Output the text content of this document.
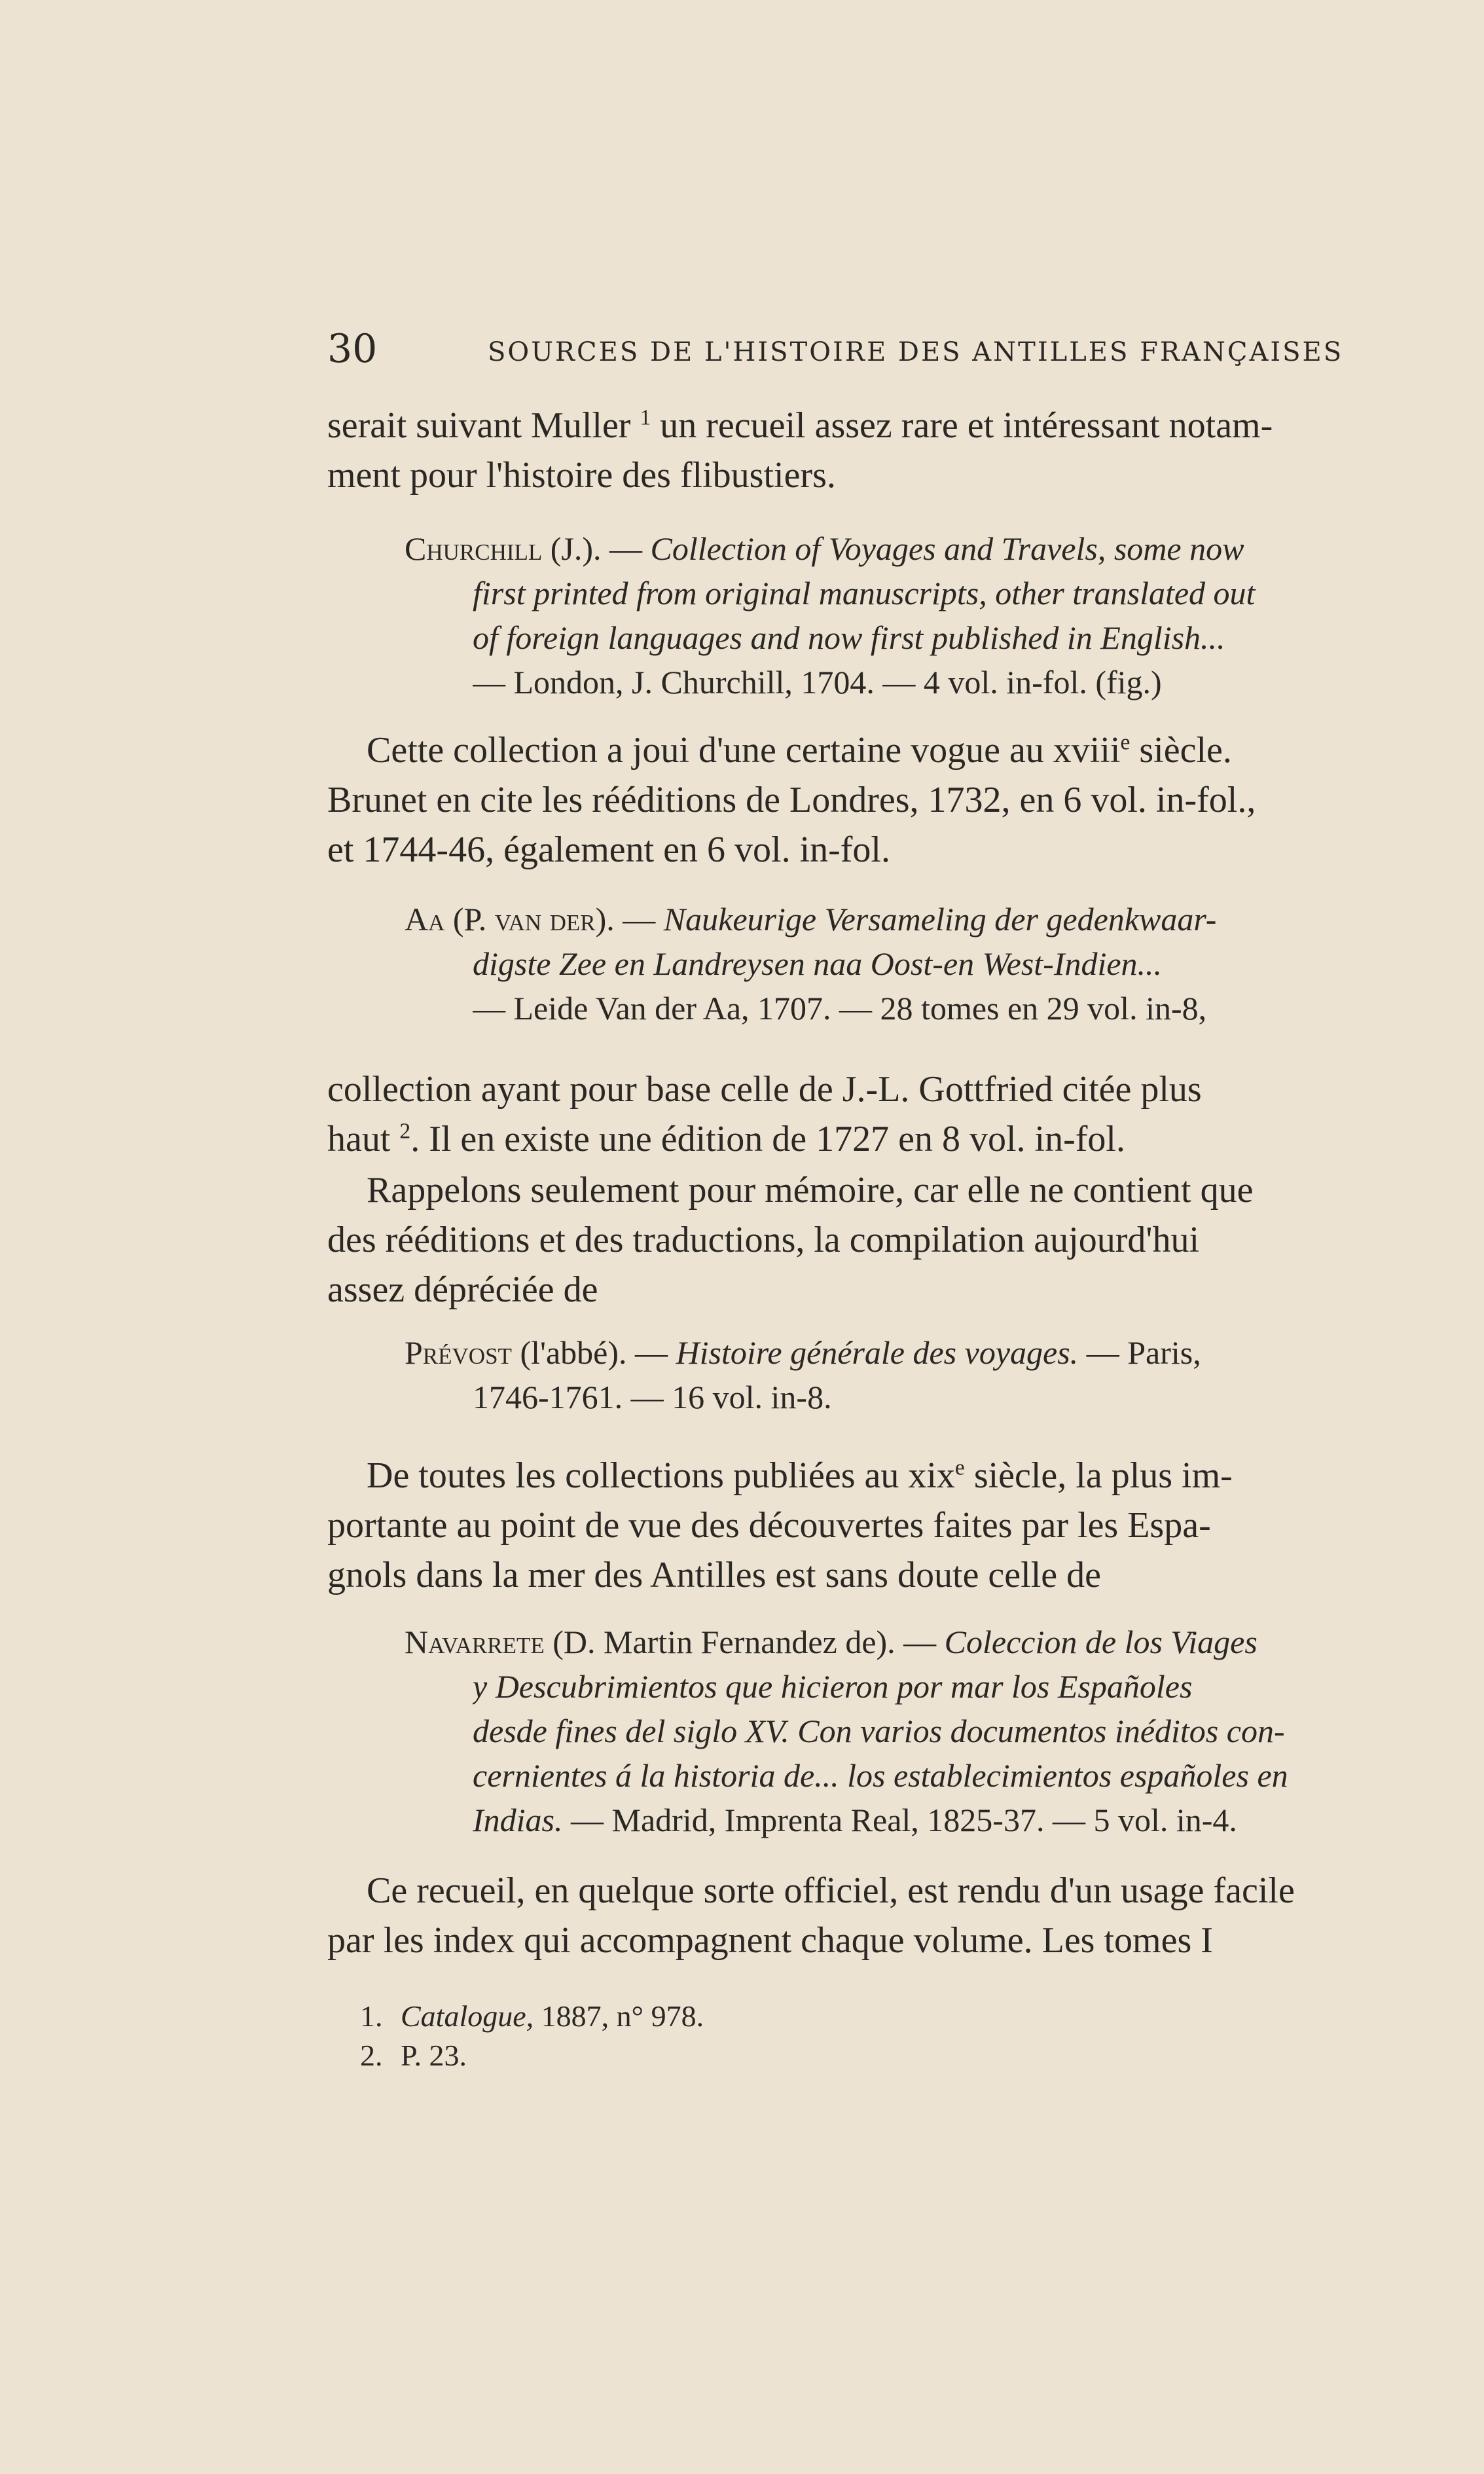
30	SOURCES DE L'HISTOIRE DES ANTILLES FRANÇAISES
serait suivant Muller $^1$ un recueil assez rare et intéressant notam-
ment pour l'histoire des flibustiers.
Churchill (J.). — Collection of Voyages and Travels, some now
first printed from original manuscripts, other translated out
of foreign languages and now first published in English...
— London, J. Churchill, 1704. — 4 vol. in-fol. (fig.)
Cette collection a joui d'une certaine vogue au xviii$^e$ siècle.
Brunet en cite les rééditions de Londres, 1732, en 6 vol. in-fol.,
et 1744-46, également en 6 vol. in-fol.
Aa (P. van der). — Naukeurige Versameling der gedenkwaar-
digste Zee en Landreysen naa Oost-en West-Indien...
— Leide Van der Aa, 1707. — 28 tomes en 29 vol. in-8,
collection ayant pour base celle de J.-L. Gottfried citée plus
haut $^2$. Il en existe une édition de 1727 en 8 vol. in-fol.
Rappelons seulement pour mémoire, car elle ne contient que
des rééditions et des traductions, la compilation aujourd'hui
assez dépréciée de
Prévost (l'abbé). — Histoire générale des voyages. — Paris,
1746-1761. — 16 vol. in-8.
De toutes les collections publiées au xix$^e$ siècle, la plus im-
portante au point de vue des découvertes faites par les Espa-
gnols dans la mer des Antilles est sans doute celle de
Navarrete (D. Martin Fernandez de). — Coleccion de los Viages
y Descubrimientos que hicieron por mar los Españoles
desde fines del siglo XV. Con varios documentos inéditos con-
cernientes á la historia de... los establecimientos españoles en
Indias. — Madrid, Imprenta Real, 1825-37. — 5 vol. in-4.
Ce recueil, en quelque sorte officiel, est rendu d'un usage facile
par les index qui accompagnent chaque volume. Les tomes I
1. Catalogue, 1887, n° 978.
2. P. 23.
